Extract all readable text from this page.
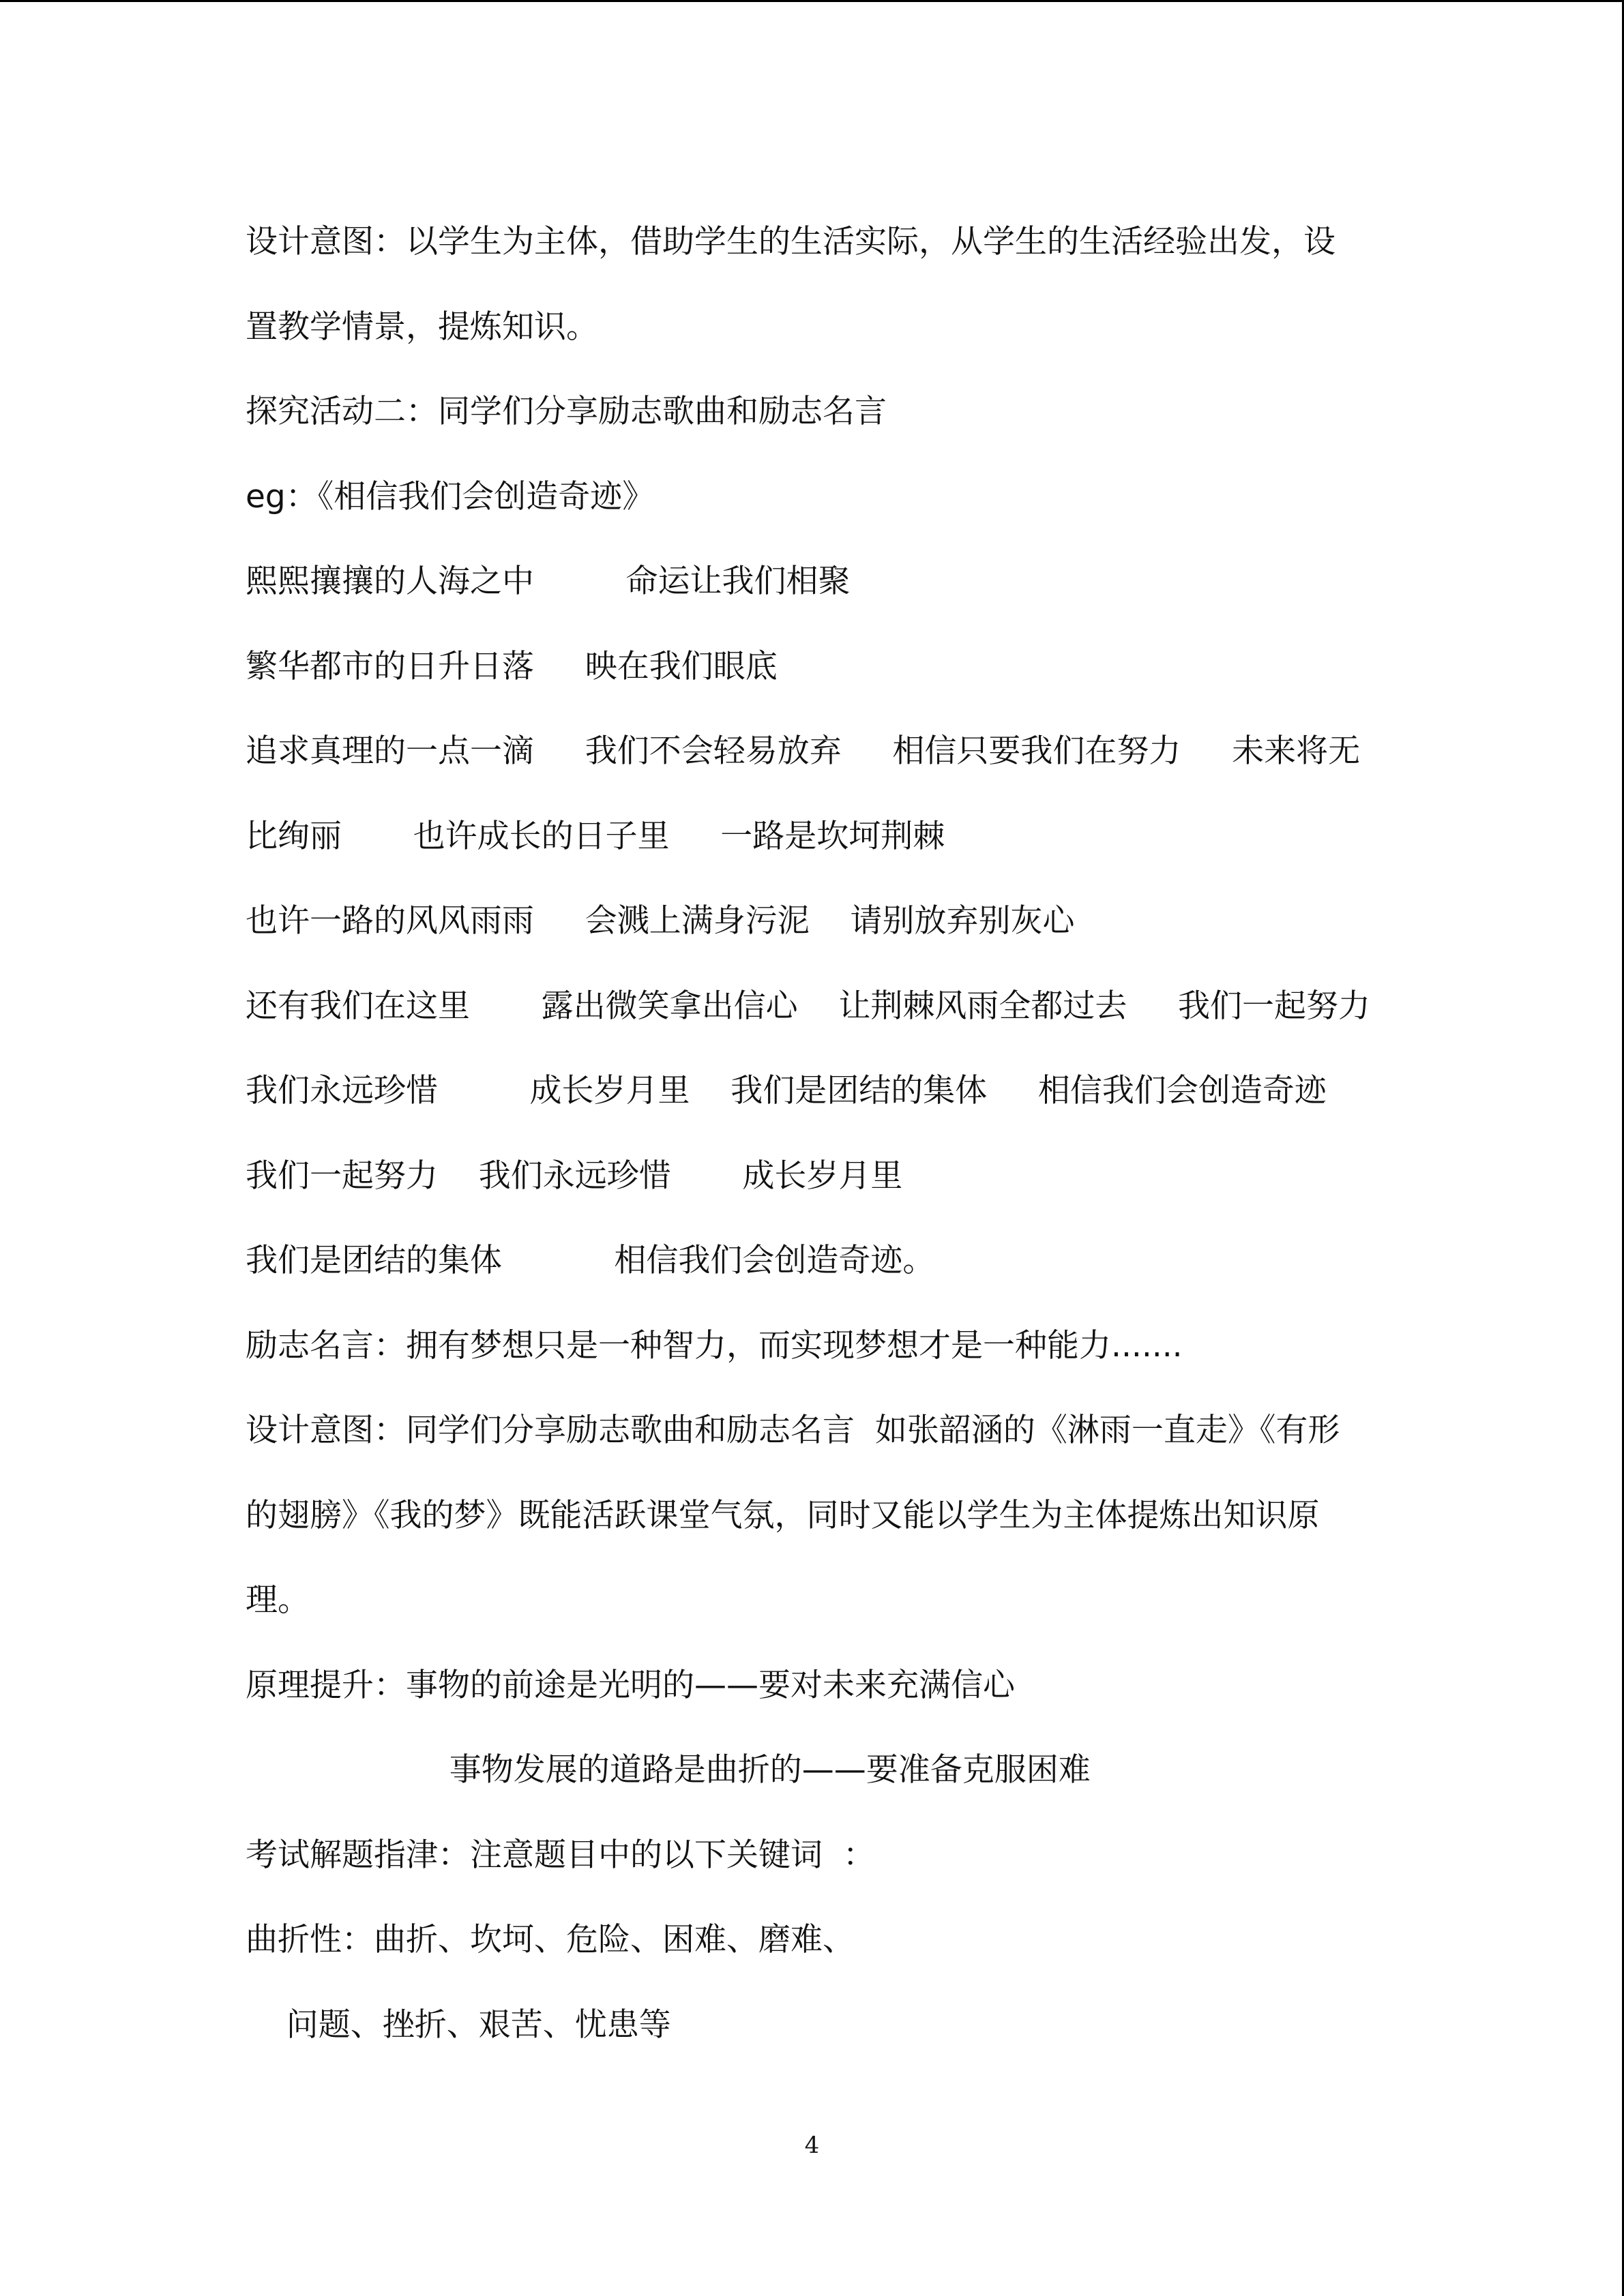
设计意图：以学生为主体，借助学生的生活实际，从学生的生活经验出发，设
置教学情景，提炼知识。
探究活动二：同学们分享励志歌曲和励志名言
eg：《相信我们会创造奇迹》
熙熙攘攘的人海之中         命运让我们相聚
繁华都市的日升日落     映在我们眼底
追求真理的一点一滴     我们不会轻易放弃     相信只要我们在努力     未来将无
比绚丽       也许成长的日子里     一路是坎坷荆棘
也许一路的风风雨雨     会溅上满身污泥    请别放弃别灰心
还有我们在这里       露出微笑拿出信心    让荆棘风雨全都过去     我们一起努力
我们永远珍惜         成长岁月里    我们是团结的集体     相信我们会创造奇迹
我们一起努力    我们永远珍惜       成长岁月里
我们是团结的集体           相信我们会创造奇迹。
励志名言：拥有梦想只是一种智力，而实现梦想才是一种能力.......
设计意图：同学们分享励志歌曲和励志名言  如张韶涵的《淋雨一直走》《有形
的翅膀》《我的梦》既能活跃课堂气氛，同时又能以学生为主体提炼出知识原
理。
原理提升：事物的前途是光明的——要对未来充满信心
事物发展的道路是曲折的——要准备克服困难
考试解题指津：注意题目中的以下关键词  ：
曲折性：曲折、坎坷、危险、困难、磨难、
问题、挫折、艰苦、忧患等
4
